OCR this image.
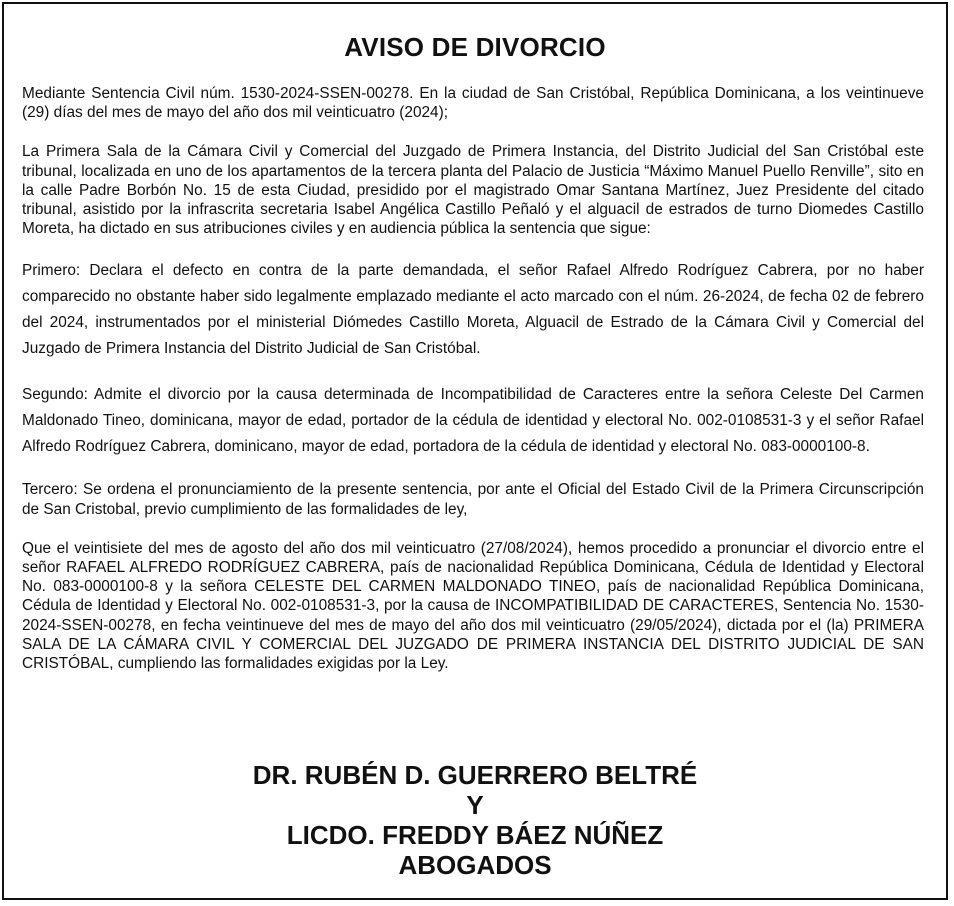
AVISO DE DIVORCIO

Mediante Sentencia Civil núm. 1530-2024-SSEN-00278. En la ciudad de San Cristóbal, República Dominicana, a los veintinueve (29) días del mes de mayo del año dos mil veinticuatro (2024);

La Primera Sala de la Cámara Civil y Comercial del Juzgado de Primera Instancia, del Distrito Judicial del San Cristóbal este tribunal, localizada en uno de los apartamentos de la tercera planta del Palacio de Justicia “Máximo Manuel Puello Renville”, sito en la calle Padre Borbón No. 15 de esta Ciudad, presidido por el magistrado Omar Santana Martínez, Juez Presidente del citado tribunal, asistido por la infrascrita secretaria Isabel Angélica Castillo Peñaló y el alguacil de estrados de turno Diomedes Castillo Moreta, ha dictado en sus atribuciones civiles y en audiencia pública la sentencia que sigue:

Primero: Declara el defecto en contra de la parte demandada, el señor Rafael Alfredo Rodríguez Cabrera, por no haber comparecido no obstante haber sido legalmente emplazado mediante el acto marcado con el núm. 26-2024, de fecha 02 de febrero del 2024, instrumentados por el ministerial Diómedes Castillo Moreta, Alguacil de Estrado de la Cámara Civil y Comercial del Juzgado de Primera Instancia del Distrito Judicial de San Cristóbal.

Segundo: Admite el divorcio por la causa determinada de Incompatibilidad de Caracteres entre la señora Celeste Del Carmen Maldonado Tineo, dominicana, mayor de edad, portador de la cédula de identidad y electoral No. 002-0108531-3 y el señor Rafael Alfredo Rodríguez Cabrera, dominicano, mayor de edad, portadora de la cédula de identidad y electoral No. 083-0000100-8.

Tercero: Se ordena el pronunciamiento de la presente sentencia, por ante el Oficial del Estado Civil de la Primera Circunscripción de San Cristobal, previo cumplimiento de las formalidades de ley,

Que el veintisiete del mes de agosto del año dos mil veinticuatro (27/08/2024), hemos procedido a pronunciar el divorcio entre el señor RAFAEL ALFREDO RODRÍGUEZ CABRERA, país de nacionalidad República Dominicana, Cédula de Identidad y Electoral No. 083-0000100-8 y la señora CELESTE DEL CARMEN MALDONADO TINEO, país de nacionalidad República Dominicana, Cédula de Identidad y Electoral No. 002-0108531-3, por la causa de INCOMPATIBILIDAD DE CARACTERES, Sentencia No. 1530-2024-SSEN-00278, en fecha veintinueve del mes de mayo del año dos mil veinticuatro (29/05/2024), dictada por el (la) PRIMERA SALA DE LA CÁMARA CIVIL Y COMERCIAL DEL JUZGADO DE PRIMERA INSTANCIA DEL DISTRITO JUDICIAL DE SAN CRISTÓBAL, cumpliendo las formalidades exigidas por la Ley.

DR. RUBÉN D. GUERRERO BELTRÉ
Y
LICDO. FREDDY BÁEZ NÚÑEZ
ABOGADOS
